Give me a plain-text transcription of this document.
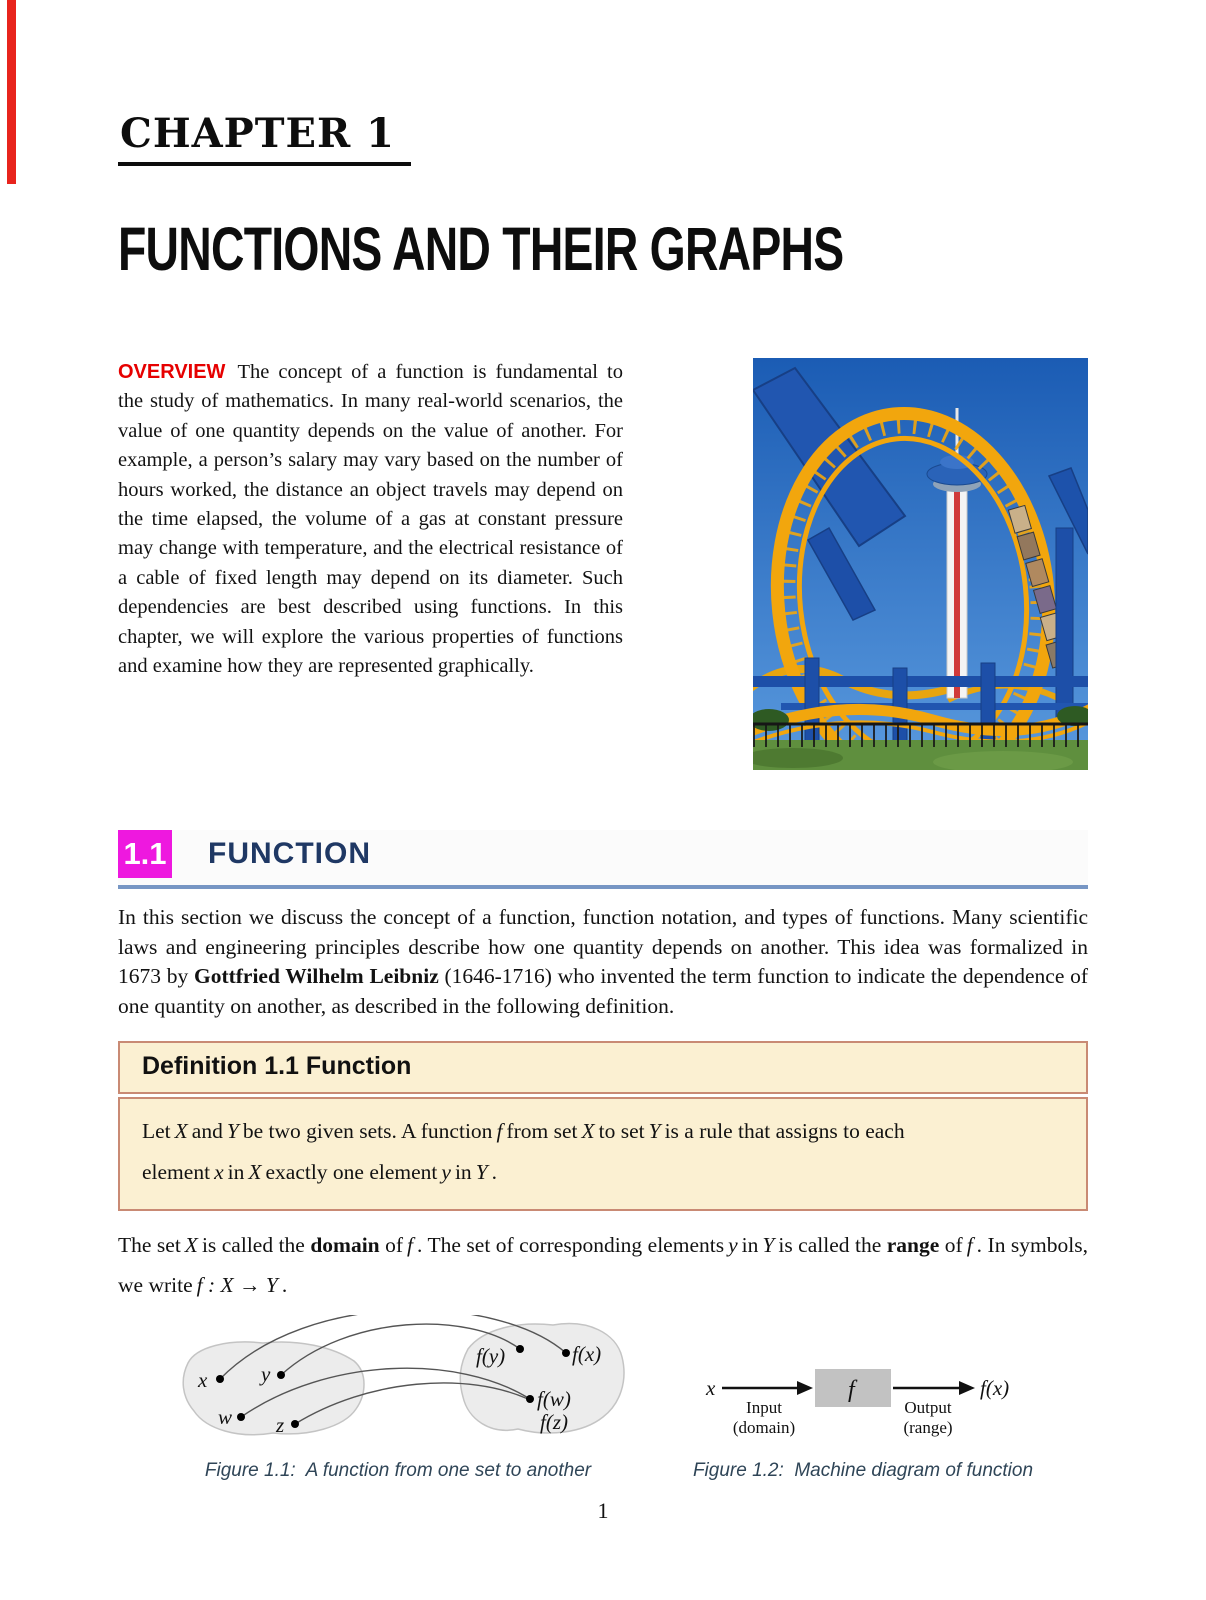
CHAPTER 1
FUNCTIONS AND THEIR GRAPHS

OVERVIEW The concept of a function is fundamental to the study of mathematics. In many real-world scenarios, the value of one quantity depends on the value of another. For example, a person’s salary may vary based on the number of hours worked, the distance an object travels may depend on the time elapsed, the volume of a gas at constant pressure may change with temperature, and the electrical resistance of a cable of fixed length may depend on its diameter. Such dependencies are best described using functions. In this chapter, we will explore the various properties of functions and examine how they are represented graphically.

1.1 FUNCTION

In this section we discuss the concept of a function, function notation, and types of functions. Many scientific laws and engineering principles describe how one quantity depends on another. This idea was formalized in 1673 by Gottfried Wilhelm Leibniz (1646-1716) who invented the term function to indicate the dependence of one quantity on another, as described in the following definition.

Definition 1.1 Function
Let X and Y be two given sets. A function f from set X to set Y is a rule that assigns to each element x in X exactly one element y in Y .

The set X is called the domain of f . The set of corresponding elements y in Y is called the range of f . In symbols, we write f : X → Y .

x	y
w z
f(y)	f(x)
f(w)
f(z)
Figure 1.1:  A function from one set to another
x	f	f(x)
Input
(domain)
Output
(range)
Figure 1.2:  Machine diagram of function
1
